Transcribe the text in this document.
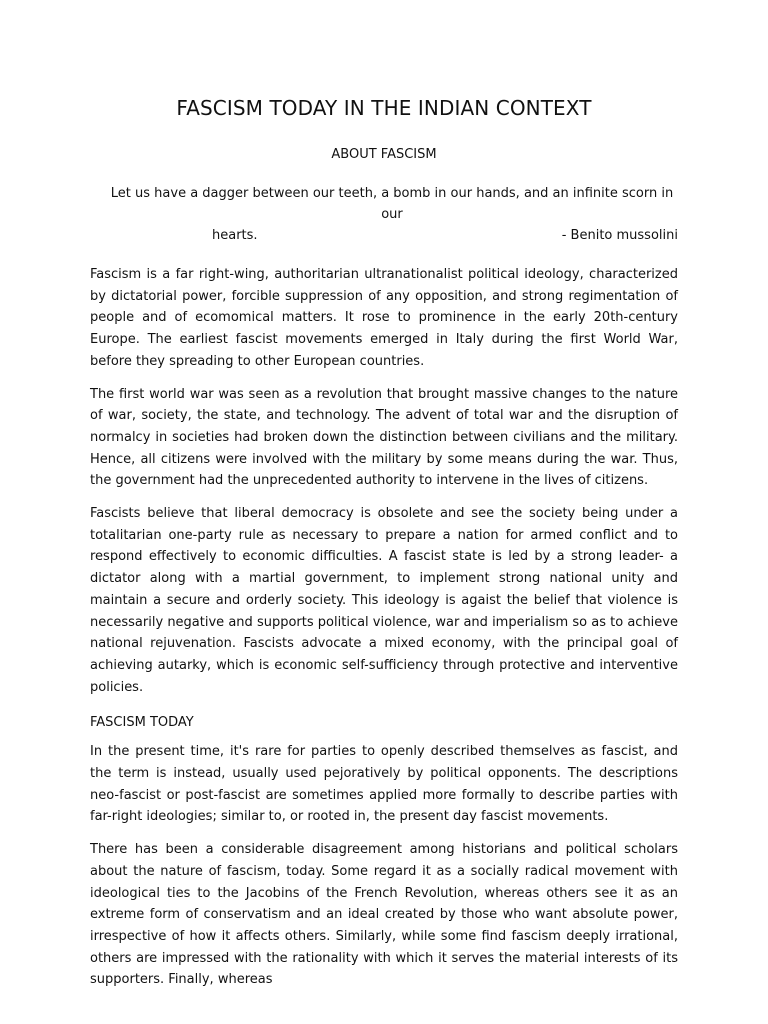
FASCISM TODAY IN THE INDIAN CONTEXT
ABOUT FASCISM
Let us have a dagger between our teeth, a bomb in our hands, and an infinite scorn in our
hearts.	- Benito mussolini

Fascism is a far right-wing, authoritarian ultranationalist political ideology, characterized by dictatorial power, forcible suppression of any opposition, and strong regimentation of people and of ecomomical matters. It rose to prominence in the early 20th-century Europe. The earliest fascist movements emerged in Italy during the first World War, before they spreading to other European countries.

The first world war was seen as a revolution that brought massive changes to the nature of war, society, the state, and technology. The advent of total war and the disruption of normalcy in societies had broken down the distinction between civilians and the military. Hence, all citizens were involved with the military by some means during the war. Thus, the government had the unprecedented authority to intervene in the lives of citizens.

Fascists believe that liberal democracy is obsolete and see the society being under a totalitarian one-party rule as necessary to prepare a nation for armed conflict and to respond effectively to economic difficulties. A fascist state is led by a strong leader- a dictator along with a martial government, to implement strong national unity and maintain a secure and orderly society. This ideology is agaist the belief that violence is necessarily negative and supports political violence, war and imperialism so as to achieve national rejuvenation. Fascists advocate a mixed economy, with the principal goal of achieving autarky, which is economic self-sufficiency through protective and interventive policies.

FASCISM TODAY

In the present time, it's rare for parties to openly described themselves as fascist, and the term is instead, usually used pejoratively by political opponents. The descriptions neo-fascist or post-fascist are sometimes applied more formally to describe parties with far-right ideologies; similar to, or rooted in, the present day fascist movements.

There has been a considerable disagreement among historians and political scholars about the nature of fascism, today. Some regard it as a socially radical movement with ideological ties to the Jacobins of the French Revolution, whereas others see it as an extreme form of conservatism and an ideal created by those who want absolute power, irrespective of how it affects others. Similarly, while some find fascism deeply irrational, others are impressed with the rationality with which it serves the material interests of its supporters. Finally, whereas
